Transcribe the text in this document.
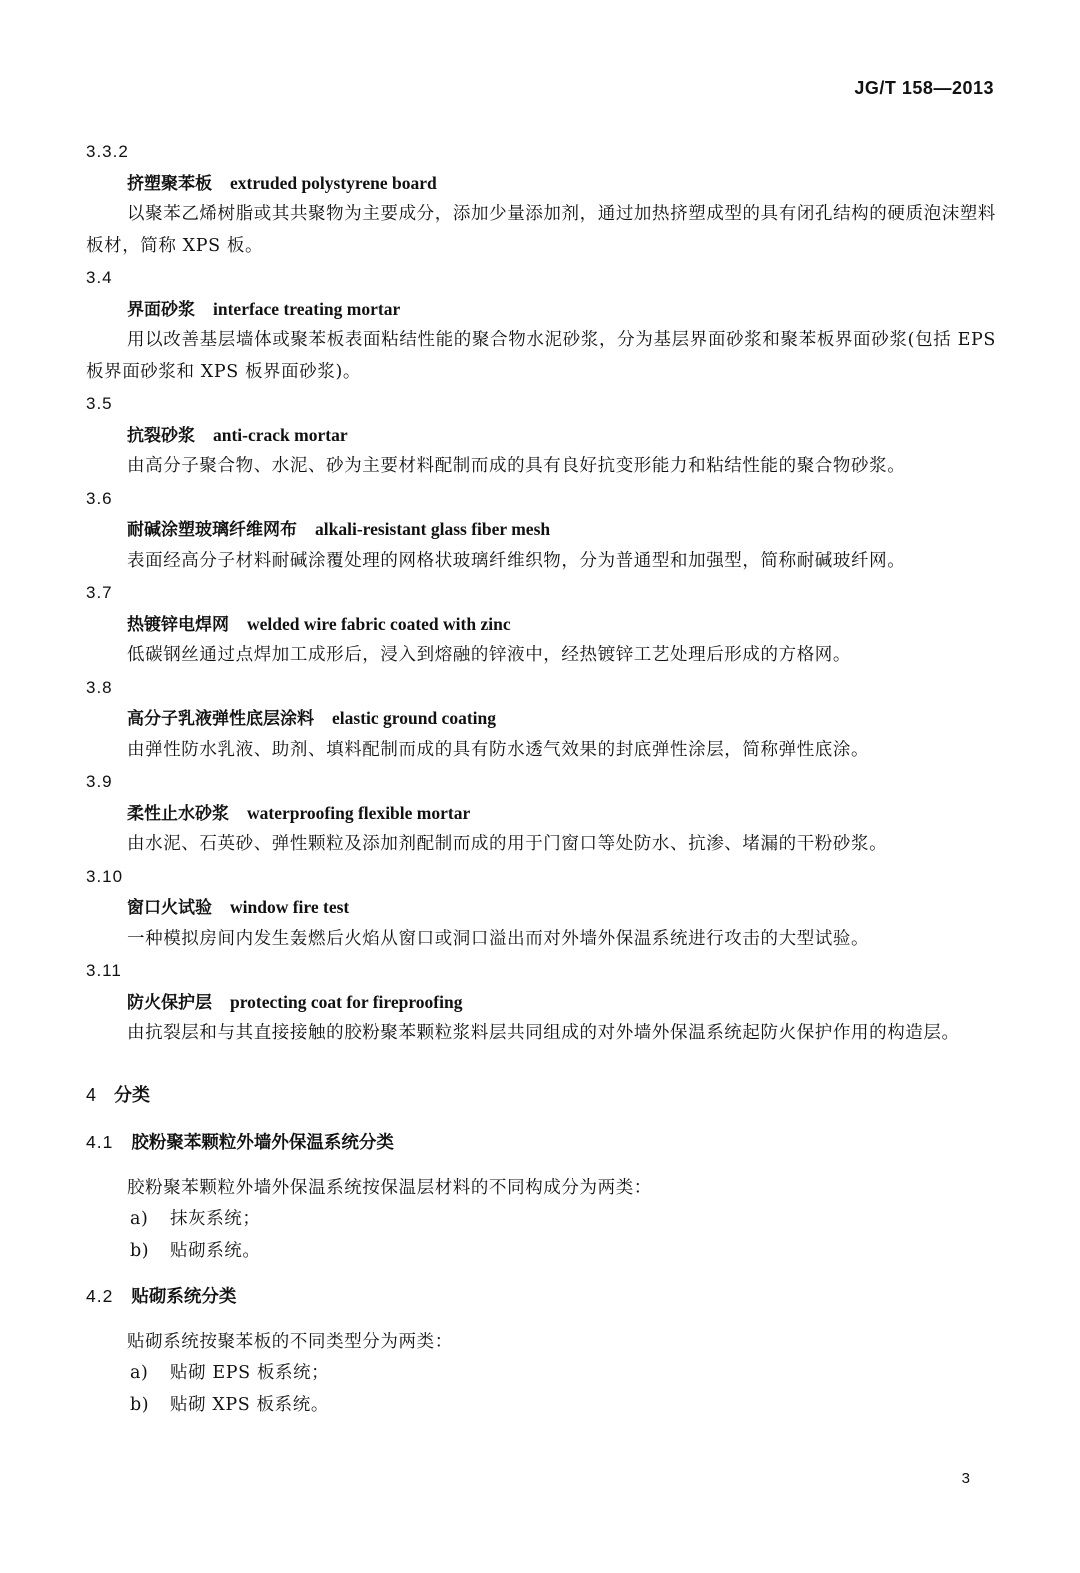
JG/T 158—2013
3.3.2
挤塑聚苯板 extruded polystyrene board
以聚苯乙烯树脂或其共聚物为主要成分，添加少量添加剂，通过加热挤塑成型的具有闭孔结构的硬质泡沫塑料板材，简称 XPS 板。
3.4
界面砂浆 interface treating mortar
用以改善基层墙体或聚苯板表面粘结性能的聚合物水泥砂浆，分为基层界面砂浆和聚苯板界面砂浆(包括 EPS 板界面砂浆和 XPS 板界面砂浆)。
3.5
抗裂砂浆 anti-crack mortar
由高分子聚合物、水泥、砂为主要材料配制而成的具有良好抗变形能力和粘结性能的聚合物砂浆。
3.6
耐碱涂塑玻璃纤维网布 alkali-resistant glass fiber mesh
表面经高分子材料耐碱涂覆处理的网格状玻璃纤维织物，分为普通型和加强型，简称耐碱玻纤网。
3.7
热镀锌电焊网 welded wire fabric coated with zinc
低碳钢丝通过点焊加工成形后，浸入到熔融的锌液中，经热镀锌工艺处理后形成的方格网。
3.8
高分子乳液弹性底层涂料 elastic ground coating
由弹性防水乳液、助剂、填料配制而成的具有防水透气效果的封底弹性涂层，简称弹性底涂。
3.9
柔性止水砂浆 waterproofing flexible mortar
由水泥、石英砂、弹性颗粒及添加剂配制而成的用于门窗口等处防水、抗渗、堵漏的干粉砂浆。
3.10
窗口火试验 window fire test
一种模拟房间内发生轰燃后火焰从窗口或洞口溢出而对外墙外保温系统进行攻击的大型试验。
3.11
防火保护层 protecting coat for fireproofing
由抗裂层和与其直接接触的胶粉聚苯颗粒浆料层共同组成的对外墙外保温系统起防火保护作用的构造层。
4 分类
4.1 胶粉聚苯颗粒外墙外保温系统分类
胶粉聚苯颗粒外墙外保温系统按保温层材料的不同构成分为两类：
a) 抹灰系统；
b) 贴砌系统。
4.2 贴砌系统分类
贴砌系统按聚苯板的不同类型分为两类：
a) 贴砌 EPS 板系统；
b) 贴砌 XPS 板系统。
3
